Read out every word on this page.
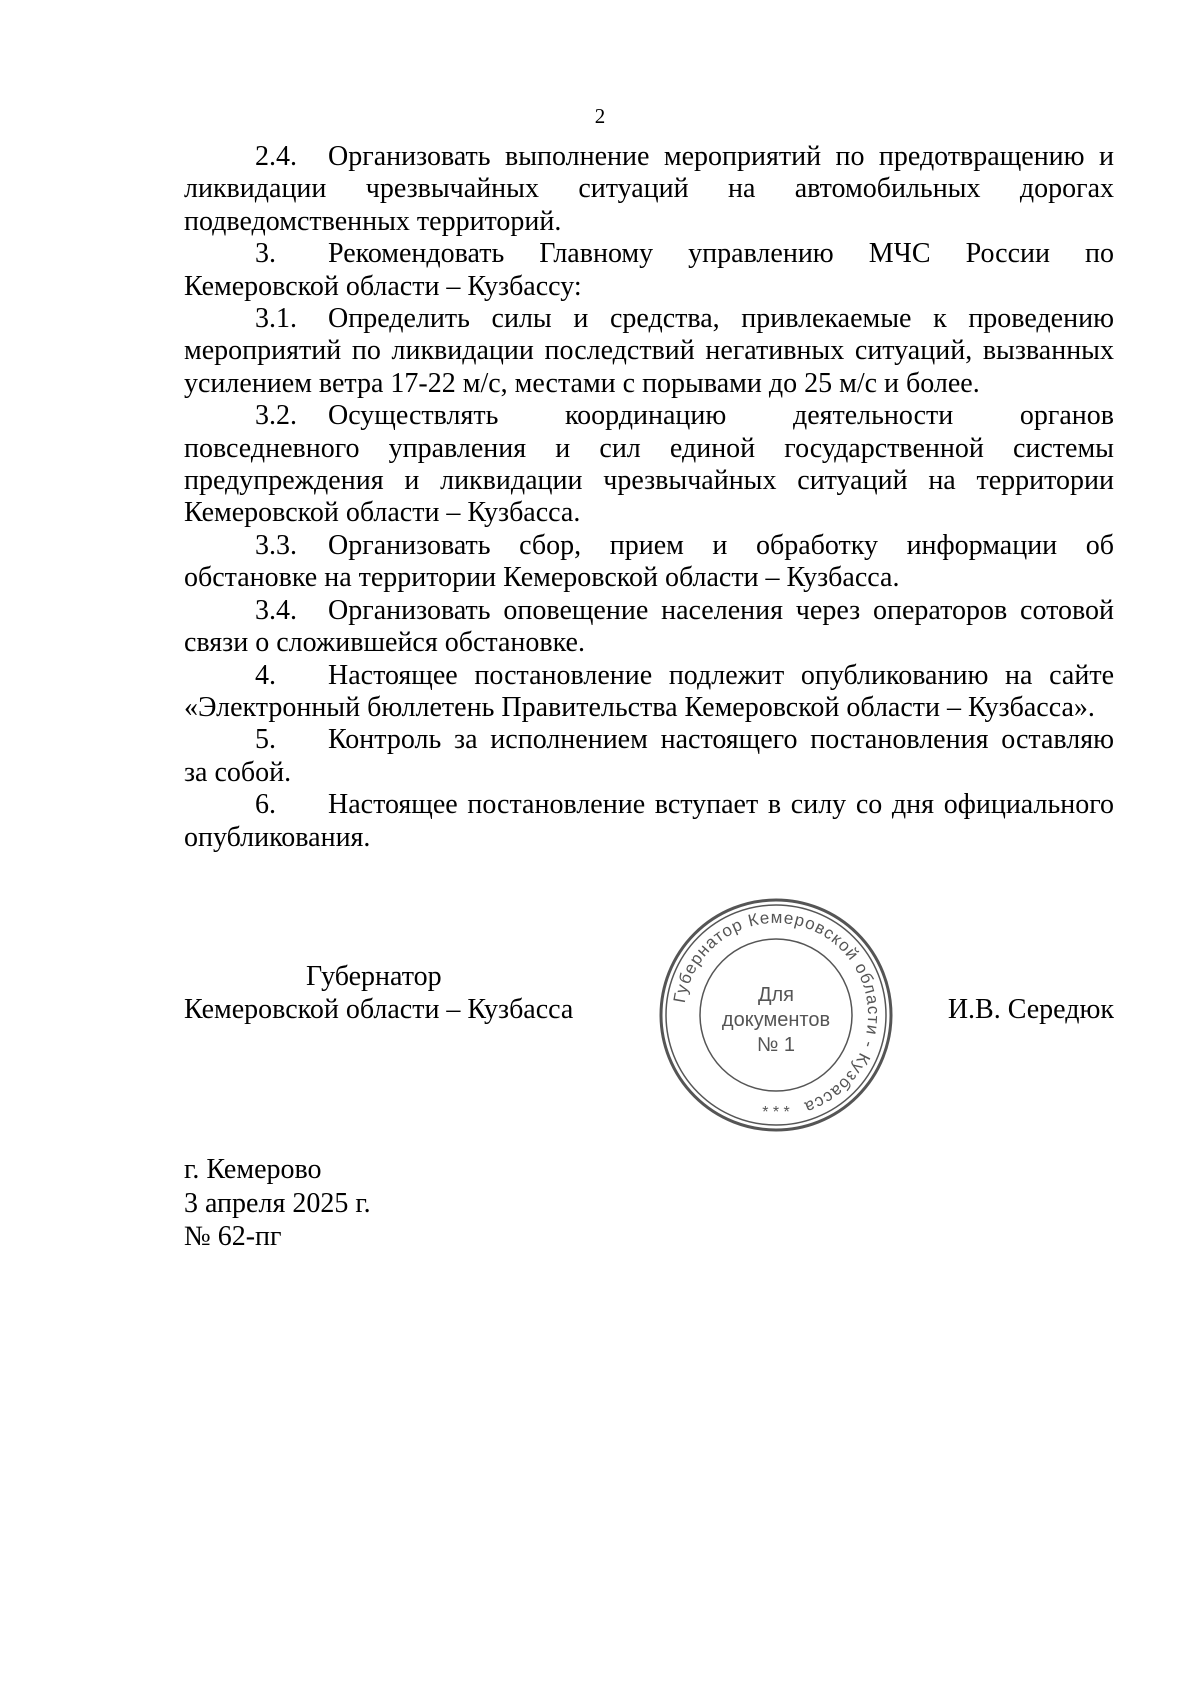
2

2.4. Организовать выполнение мероприятий по предотвращению и ликвидации чрезвычайных ситуаций на автомобильных дорогах подведомственных территорий.

3. Рекомендовать Главному управлению МЧС России по Кемеровской области – Кузбассу:

3.1. Определить силы и средства, привлекаемые к проведению мероприятий по ликвидации последствий негативных ситуаций, вызванных усилением ветра 17-22 м/с, местами с порывами до 25 м/с и более.

3.2. Осуществлять координацию деятельности органов повседневного управления и сил единой государственной системы предупреждения и ликвидации чрезвычайных ситуаций на территории Кемеровской области – Кузбасса.

3.3. Организовать сбор, прием и обработку информации об обстановке на территории Кемеровской области – Кузбасса.

3.4. Организовать оповещение населения через операторов сотовой связи о сложившейся обстановке.

4. Настоящее постановление подлежит опубликованию на сайте «Электронный бюллетень Правительства Кемеровской области – Кузбасса».

5. Контроль за исполнением настоящего постановления оставляю за собой.

6. Настоящее постановление вступает в силу со дня официального опубликования.

Губернатор
Кемеровской области – Кузбасса	Губернатор Кемеровской области - Кузбасса
Для
документов
№ 1
* * *
И.В. Середюк
г. Кемерово
3 апреля 2025 г.
№ 62-пг
